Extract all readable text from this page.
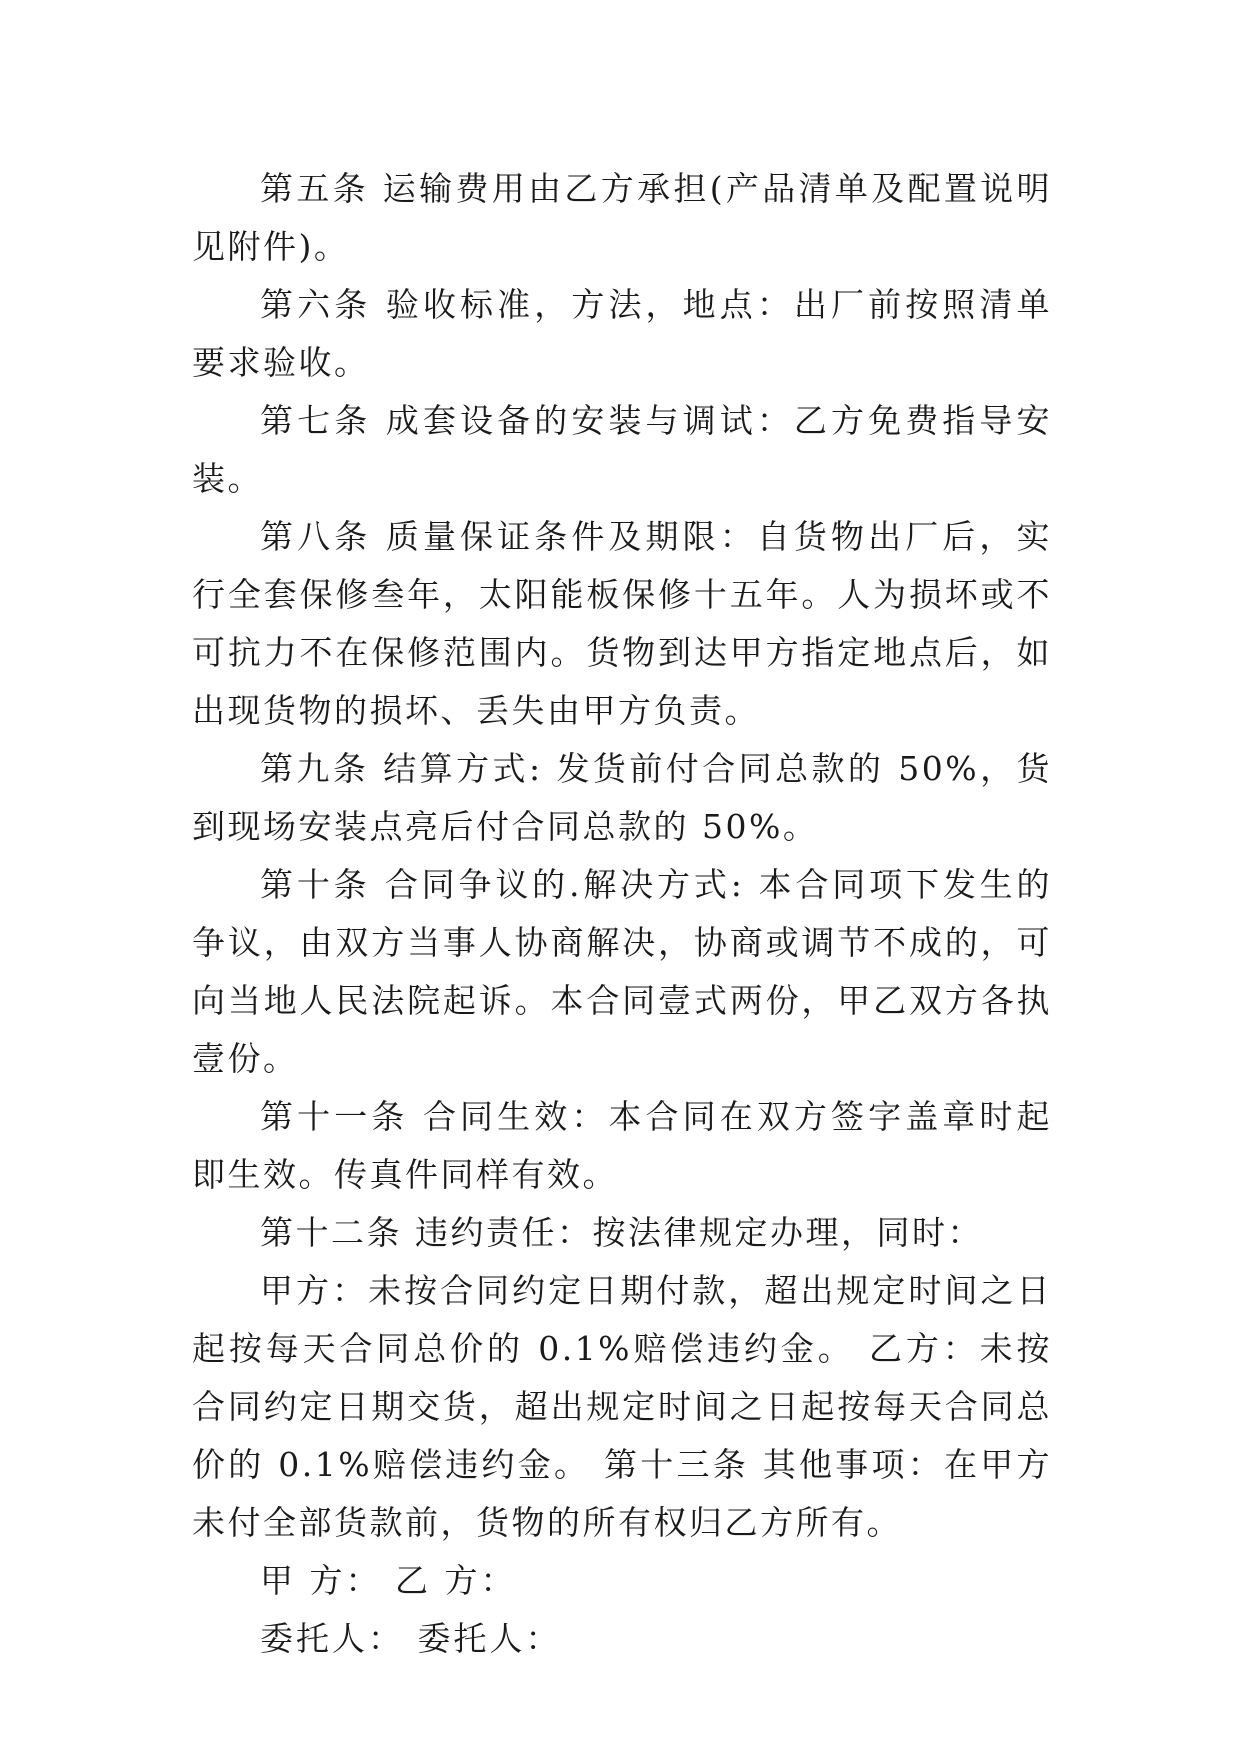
第五条 运输费用由乙方承担(产品清单及配置说明见附件)。

第六条 验收标准，方法，地点：出厂前按照清单要求验收。

第七条 成套设备的安装与调试：乙方免费指导安装。

第八条 质量保证条件及期限：自货物出厂后，实行全套保修叁年，太阳能板保修十五年。人为损坏或不可抗力不在保修范围内。货物到达甲方指定地点后，如出现货物的损坏、丢失由甲方负责。

第九条 结算方式: 发货前付合同总款的 50%，货到现场安装点亮后付合同总款的 50%。

第十条 合同争议的.解决方式: 本合同项下发生的争议，由双方当事人协商解决，协商或调节不成的，可向当地人民法院起诉。本合同壹式两份，甲乙双方各执壹份。

第十一条 合同生效：本合同在双方签字盖章时起即生效。传真件同样有效。

第十二条 违约责任：按法律规定办理，同时：

甲方：未按合同约定日期付款，超出规定时间之日起按每天合同总价的 0.1%赔偿违约金。 乙方：未按合同约定日期交货，超出规定时间之日起按每天合同总价的 0.1%赔偿违约金。 第十三条 其他事项：在甲方未付全部货款前，货物的所有权归乙方所有。

甲 方： 乙 方：

委托人： 委托人：
